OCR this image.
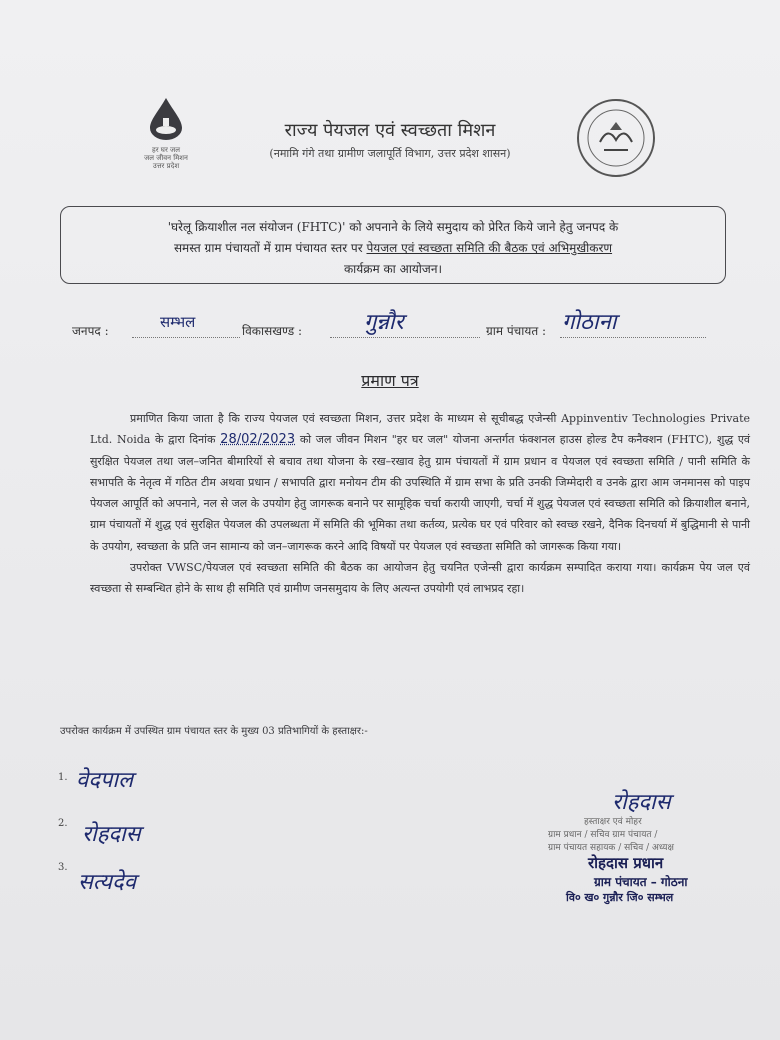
हर घर जल
जल जीवन मिशन
उत्तर प्रदेश
राज्य पेयजल एवं स्वच्छता मिशन
(नमामि गंगे तथा ग्रामीण जलापूर्ति विभाग, उत्तर प्रदेश शासन)

'घरेलू क्रियाशील नल संयोजन (FHTC)' को अपनाने के लिये समुदाय को प्रेरित किये जाने हेतु जनपद के
समस्त ग्राम पंचायतों में ग्राम पंचायत स्तर पर पेयजल एवं स्वच्छता समिति की बैठक एवं अभिमुखीकरण
कार्यक्रम का आयोजन।

जनपद :	सम्भल	विकासखण्ड :	गुन्नौर	ग्राम पंचायत : गोठाना
प्रमाण पत्र

प्रमाणित किया जाता है कि राज्य पेयजल एवं स्वच्छता मिशन, उत्तर प्रदेश के माध्यम से सूचीबद्ध एजेन्सी Appinventiv Technologies Private Ltd. Noida के द्वारा दिनांक 28/02/2023 को जल जीवन मिशन "हर घर जल" योजना अन्तर्गत फंक्शनल हाउस होल्ड टैप कनैक्शन (FHTC), शुद्ध एवं सुरक्षित पेयजल तथा जल–जनित बीमारियों से बचाव तथा योजना के रख–रखाव हेतु ग्राम पंचायतों में ग्राम प्रधान व पेयजल एवं स्वच्छता समिति / पानी समिति के सभापति के नेतृत्व में गठित टीम अथवा प्रधान / सभापति द्वारा मनोयन टीम की उपस्थिति में ग्राम सभा के प्रति उनकी जिम्मेदारी व उनके द्वारा आम जनमानस को पाइप पेयजल आपूर्ति को अपनाने, नल से जल के उपयोग हेतु जागरूक बनाने पर सामूहिक चर्चा करायी जाएगी, चर्चा में शुद्ध पेयजल एवं स्वच्छता समिति को क्रियाशील बनाने, ग्राम पंचायतों में शुद्ध एवं सुरक्षित पेयजल की उपलब्धता में समिति की भूमिका तथा कर्तव्य, प्रत्येक घर एवं परिवार को स्वच्छ रखने, दैनिक दिनचर्या में बुद्धिमानी से पानी के उपयोग, स्वच्छता के प्रति जन सामान्य को जन–जागरूक करने आदि विषयों पर पेयजल एवं स्वच्छता समिति को जागरूक किया गया।

उपरोक्त VWSC/पेयजल एवं स्वच्छता समिति की बैठक का आयोजन हेतु चयनित एजेन्सी द्वारा कार्यक्रम सम्पादित कराया गया। कार्यक्रम पेय जल एवं स्वच्छता से सम्बन्धित होने के साथ ही समिति एवं ग्रामीण जनसमुदाय के लिए अत्यन्त उपयोगी एवं लाभप्रद रहा।

उपरोक्त कार्यक्रम में उपस्थित ग्राम पंचायत स्तर के मुख्य 03 प्रतिभागियों के हस्ताक्षर:-
1. वेदपाल
2. रोहदास
3.
सत्यदेव
रोहदास
हस्ताक्षर एवं मोहर
ग्राम प्रधान / सचिव ग्राम पंचायत /
ग्राम पंचायत सहायक / सचिव / अध्यक्ष
रोहदास प्रधान
ग्राम पंचायत – गोठना
वि० ख० गुन्नौर जि० सम्भल
